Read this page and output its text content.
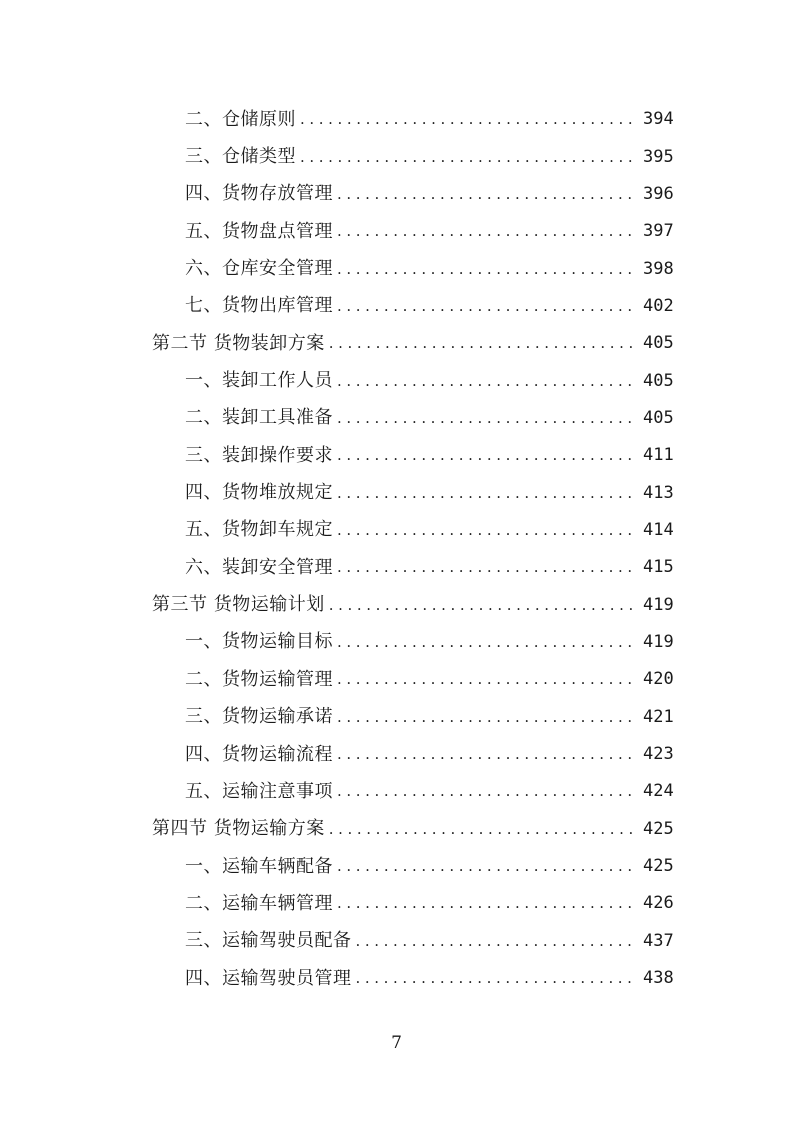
二、仓储原则 .....	394
三、仓储类型 .....	395
四、货物存放管理 .....	396
五、货物盘点管理 .....	397
六、仓库安全管理 .....	398
七、货物出库管理 .....	402
第二节 货物装卸方案 .....	405
一、装卸工作人员 .....	405
二、装卸工具准备 .....	405
三、装卸操作要求 .....	411
四、货物堆放规定 .....	413
五、货物卸车规定 .....	414
六、装卸安全管理 .....	415
第三节 货物运输计划 .....	419
一、货物运输目标 .....	419
二、货物运输管理 .....	420
三、货物运输承诺 .....	421
四、货物运输流程 .....	423
五、运输注意事项 .....	424
第四节 货物运输方案 .....	425
一、运输车辆配备 .....	425
二、运输车辆管理 .....	426
三、运输驾驶员配备 .....	437
四、运输驾驶员管理 .....	438
7
